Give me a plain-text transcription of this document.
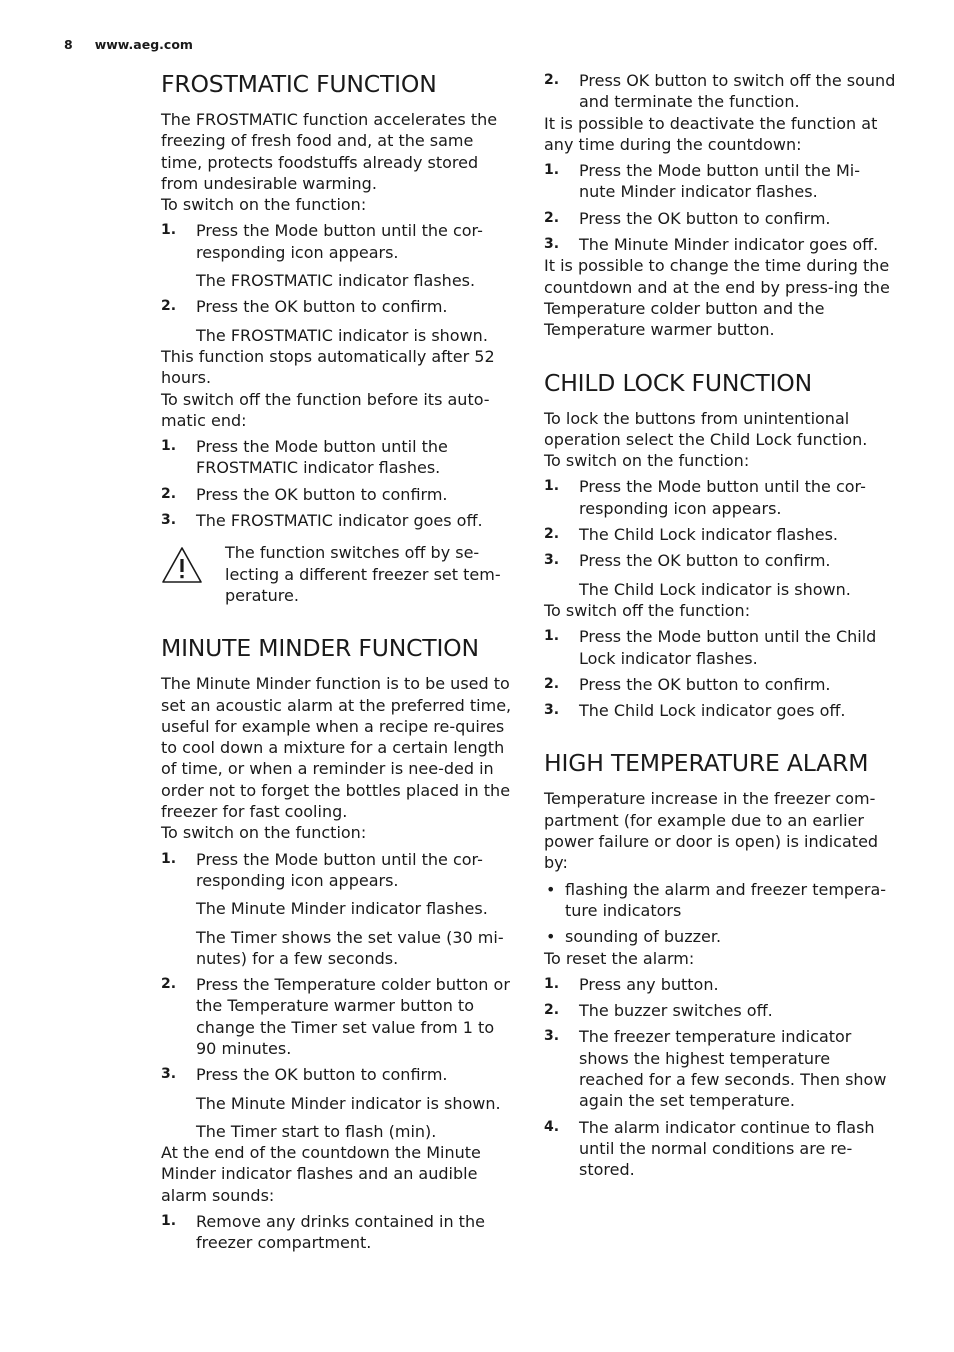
8 www.aeg.com
FROSTMATIC FUNCTION

The FROSTMATIC function accelerates the freezing of fresh food and, at the same time, protects foodstuffs already stored from undesirable warming.

To switch on the function:

1.	Press the Mode button until the cor-responding icon appears.
The FROSTMATIC indicator flashes.
2.	Press the OK button to confirm.
The FROSTMATIC indicator is shown.

This function stops automatically after 52 hours.

To switch off the function before its auto-matic end:

1.	Press the Mode button until the FROSTMATIC indicator flashes.
2.	Press the OK button to confirm.
3.	The FROSTMATIC indicator goes off.
The function switches off by se-lecting a different freezer set tem-perature.
MINUTE MINDER FUNCTION

The Minute Minder function is to be used to set an acoustic alarm at the preferred time, useful for example when a recipe re-quires to cool down a mixture for a certain length of time, or when a reminder is nee-ded in order not to forget the bottles placed in the freezer for fast cooling.

To switch on the function:

1.	Press the Mode button until the cor-responding icon appears.
The Minute Minder indicator flashes.
The Timer shows the set value (30 mi-nutes) for a few seconds.
2.	Press the Temperature colder button or the Temperature warmer button to change the Timer set value from 1 to 90 minutes.
3.	Press the OK button to confirm.
The Minute Minder indicator is shown.
The Timer start to flash (min).

At the end of the countdown the Minute Minder indicator flashes and an audible alarm sounds:

1.	Remove any drinks contained in the freezer compartment.
2.	Press OK button to switch off the sound and terminate the function.

It is possible to deactivate the function at any time during the countdown:

1.	Press the Mode button until the Mi-nute Minder indicator flashes.
2.	Press the OK button to confirm.
3.	The Minute Minder indicator goes off.

It is possible to change the time during the countdown and at the end by press-ing the Temperature colder button and the Temperature warmer button.

CHILD LOCK FUNCTION

To lock the buttons from unintentional operation select the Child Lock function.

To switch on the function:

1.	Press the Mode button until the cor-responding icon appears.
2.	The Child Lock indicator flashes.
3.	Press the OK button to confirm.
The Child Lock indicator is shown.

To switch off the function:

1.	Press the Mode button until the Child Lock indicator flashes.
2.	Press the OK button to confirm.
3.	The Child Lock indicator goes off.
HIGH TEMPERATURE ALARM

Temperature increase in the freezer com-partment (for example due to an earlier power failure or door is open) is indicated by:

• flashing the alarm and freezer tempera-ture indicators
• sounding of buzzer.

To reset the alarm:

1.	Press any button.
2.	The buzzer switches off.
3.	The freezer temperature indicator shows the highest temperature reached for a few seconds. Then show again the set temperature.
4.	The alarm indicator continue to flash until the normal conditions are re-stored.
